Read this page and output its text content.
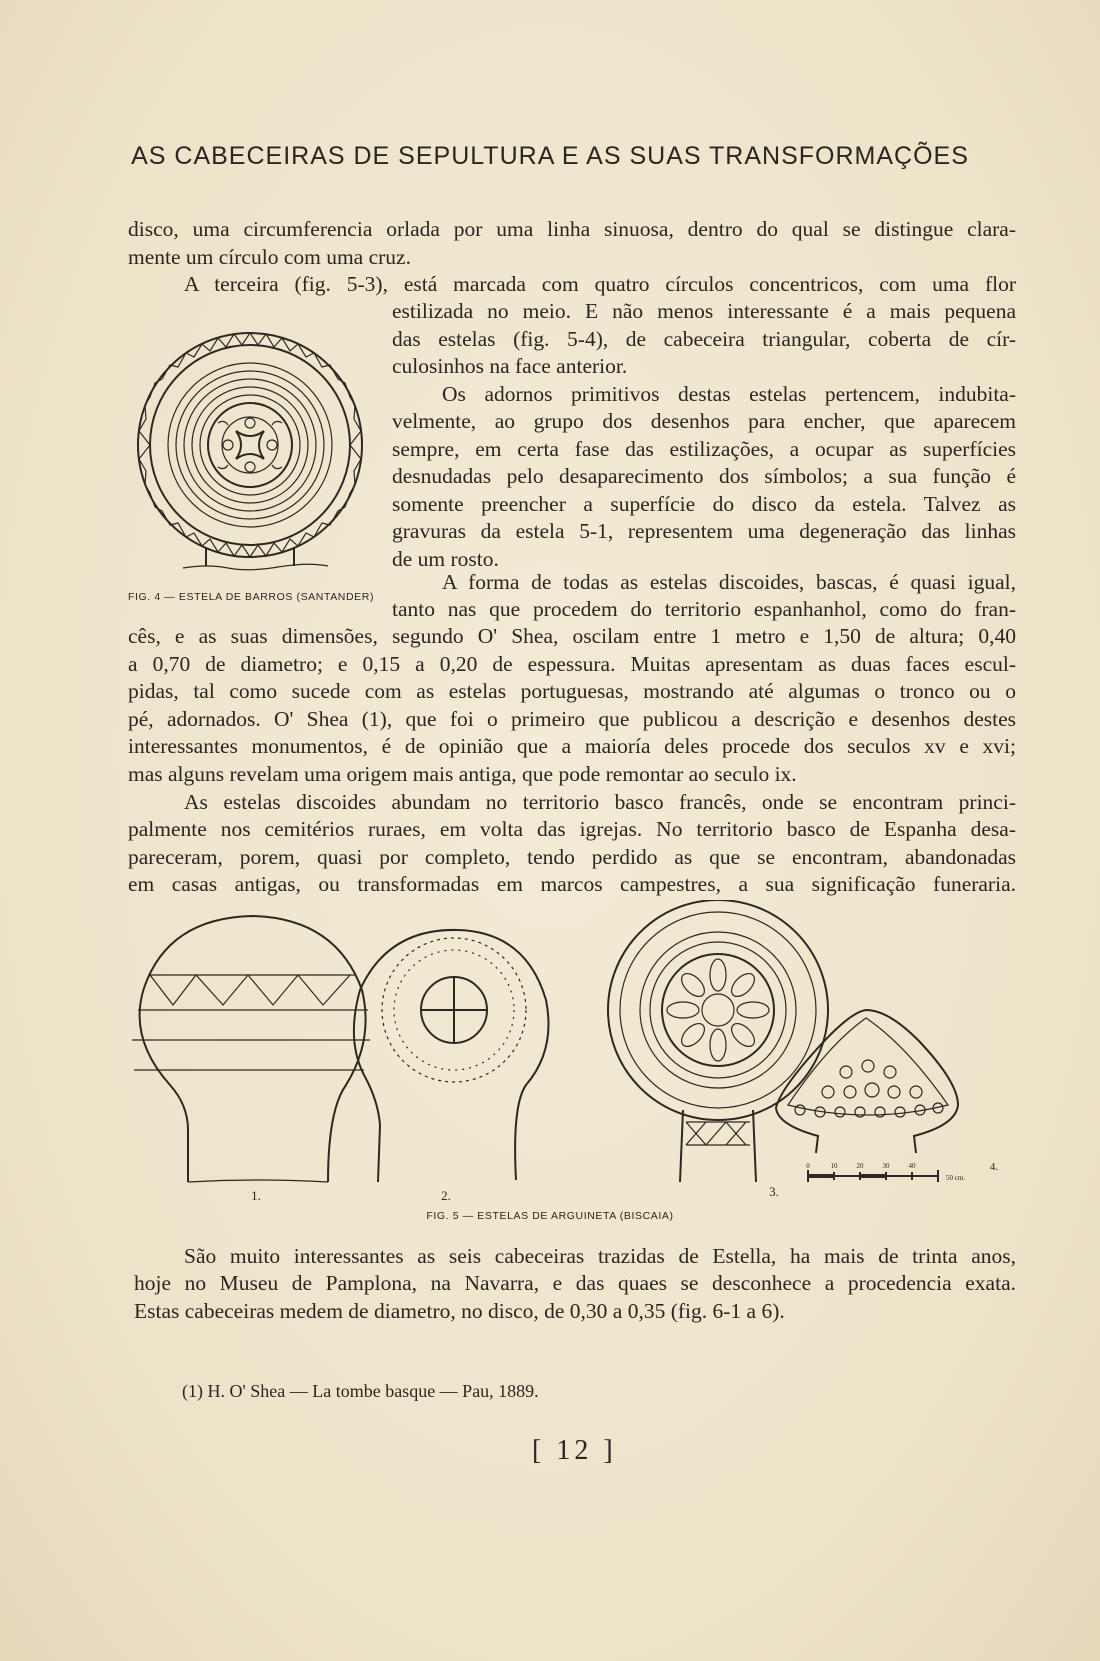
AS CABECEIRAS DE SEPULTURA E AS SUAS TRANSFORMAÇÕES
disco, uma circumferencia orlada por uma linha sinuosa, dentro do qual se distingue clara-
mente um círculo com uma cruz.
A terceira (fig. 5-3), está marcada com quatro círculos concentricos, com uma flor
estilizada no meio. E não menos interessante é a mais pequena
das estelas (fig. 5-4), de cabeceira triangular, coberta de cír-
culosinhos na face anterior.
Os adornos primitivos destas estelas pertencem, indubita-
velmente, ao grupo dos desenhos para encher, que aparecem
sempre, em certa fase das estilizações, a ocupar as superfícies
desnudadas pelo desaparecimento dos símbolos; a sua função é
somente preencher a superfície do disco da estela. Talvez as
gravuras da estela 5-1, representem uma degeneração das linhas
de um rosto.
A forma de todas as estelas discoides, bascas, é quasi igual,
tanto nas que procedem do territorio espanhanhol, como do fran-
cês, e as suas dimensões, segundo O' Shea, oscilam entre 1 metro e 1,50 de altura; 0,40
a 0,70 de diametro; e 0,15 a 0,20 de espessura. Muitas apresentam as duas faces escul-
pidas, tal como sucede com as estelas portuguesas, mostrando até algumas o tronco ou o
pé, adornados. O' Shea (1), que foi o primeiro que publicou a descrição e desenhos destes
interessantes monumentos, é de opinião que a maioría deles procede dos seculos xv e xvi;
mas alguns revelam uma origem mais antiga, que pode remontar ao seculo ix.
As estelas discoides abundam no territorio basco francês, onde se encontram princi-
palmente nos cemitérios ruraes, em volta das igrejas. No territorio basco de Espanha desa-
pareceram, porem, quasi por completo, tendo perdido as que se encontram, abandonadas
em casas antigas, ou transformadas em marcos campestres, a sua significação funeraria.
FIG. 4 — ESTELA DE BARROS (SANTANDER)
1.	2.	3.
4.
0	10	20	30	40
50 cm.
FIG. 5 — ESTELAS DE ARGUINETA (BISCAIA)
São muito interessantes as seis cabeceiras trazidas de Estella, ha mais de trinta anos,
hoje no Museu de Pamplona, na Navarra, e das quaes se desconhece a procedencia exata.
Estas cabeceiras medem de diametro, no disco, de 0,30 a 0,35 (fig. 6-1 a 6).
(1) H. O' Shea — La tombe basque — Pau, 1889.
[ 12 ]
